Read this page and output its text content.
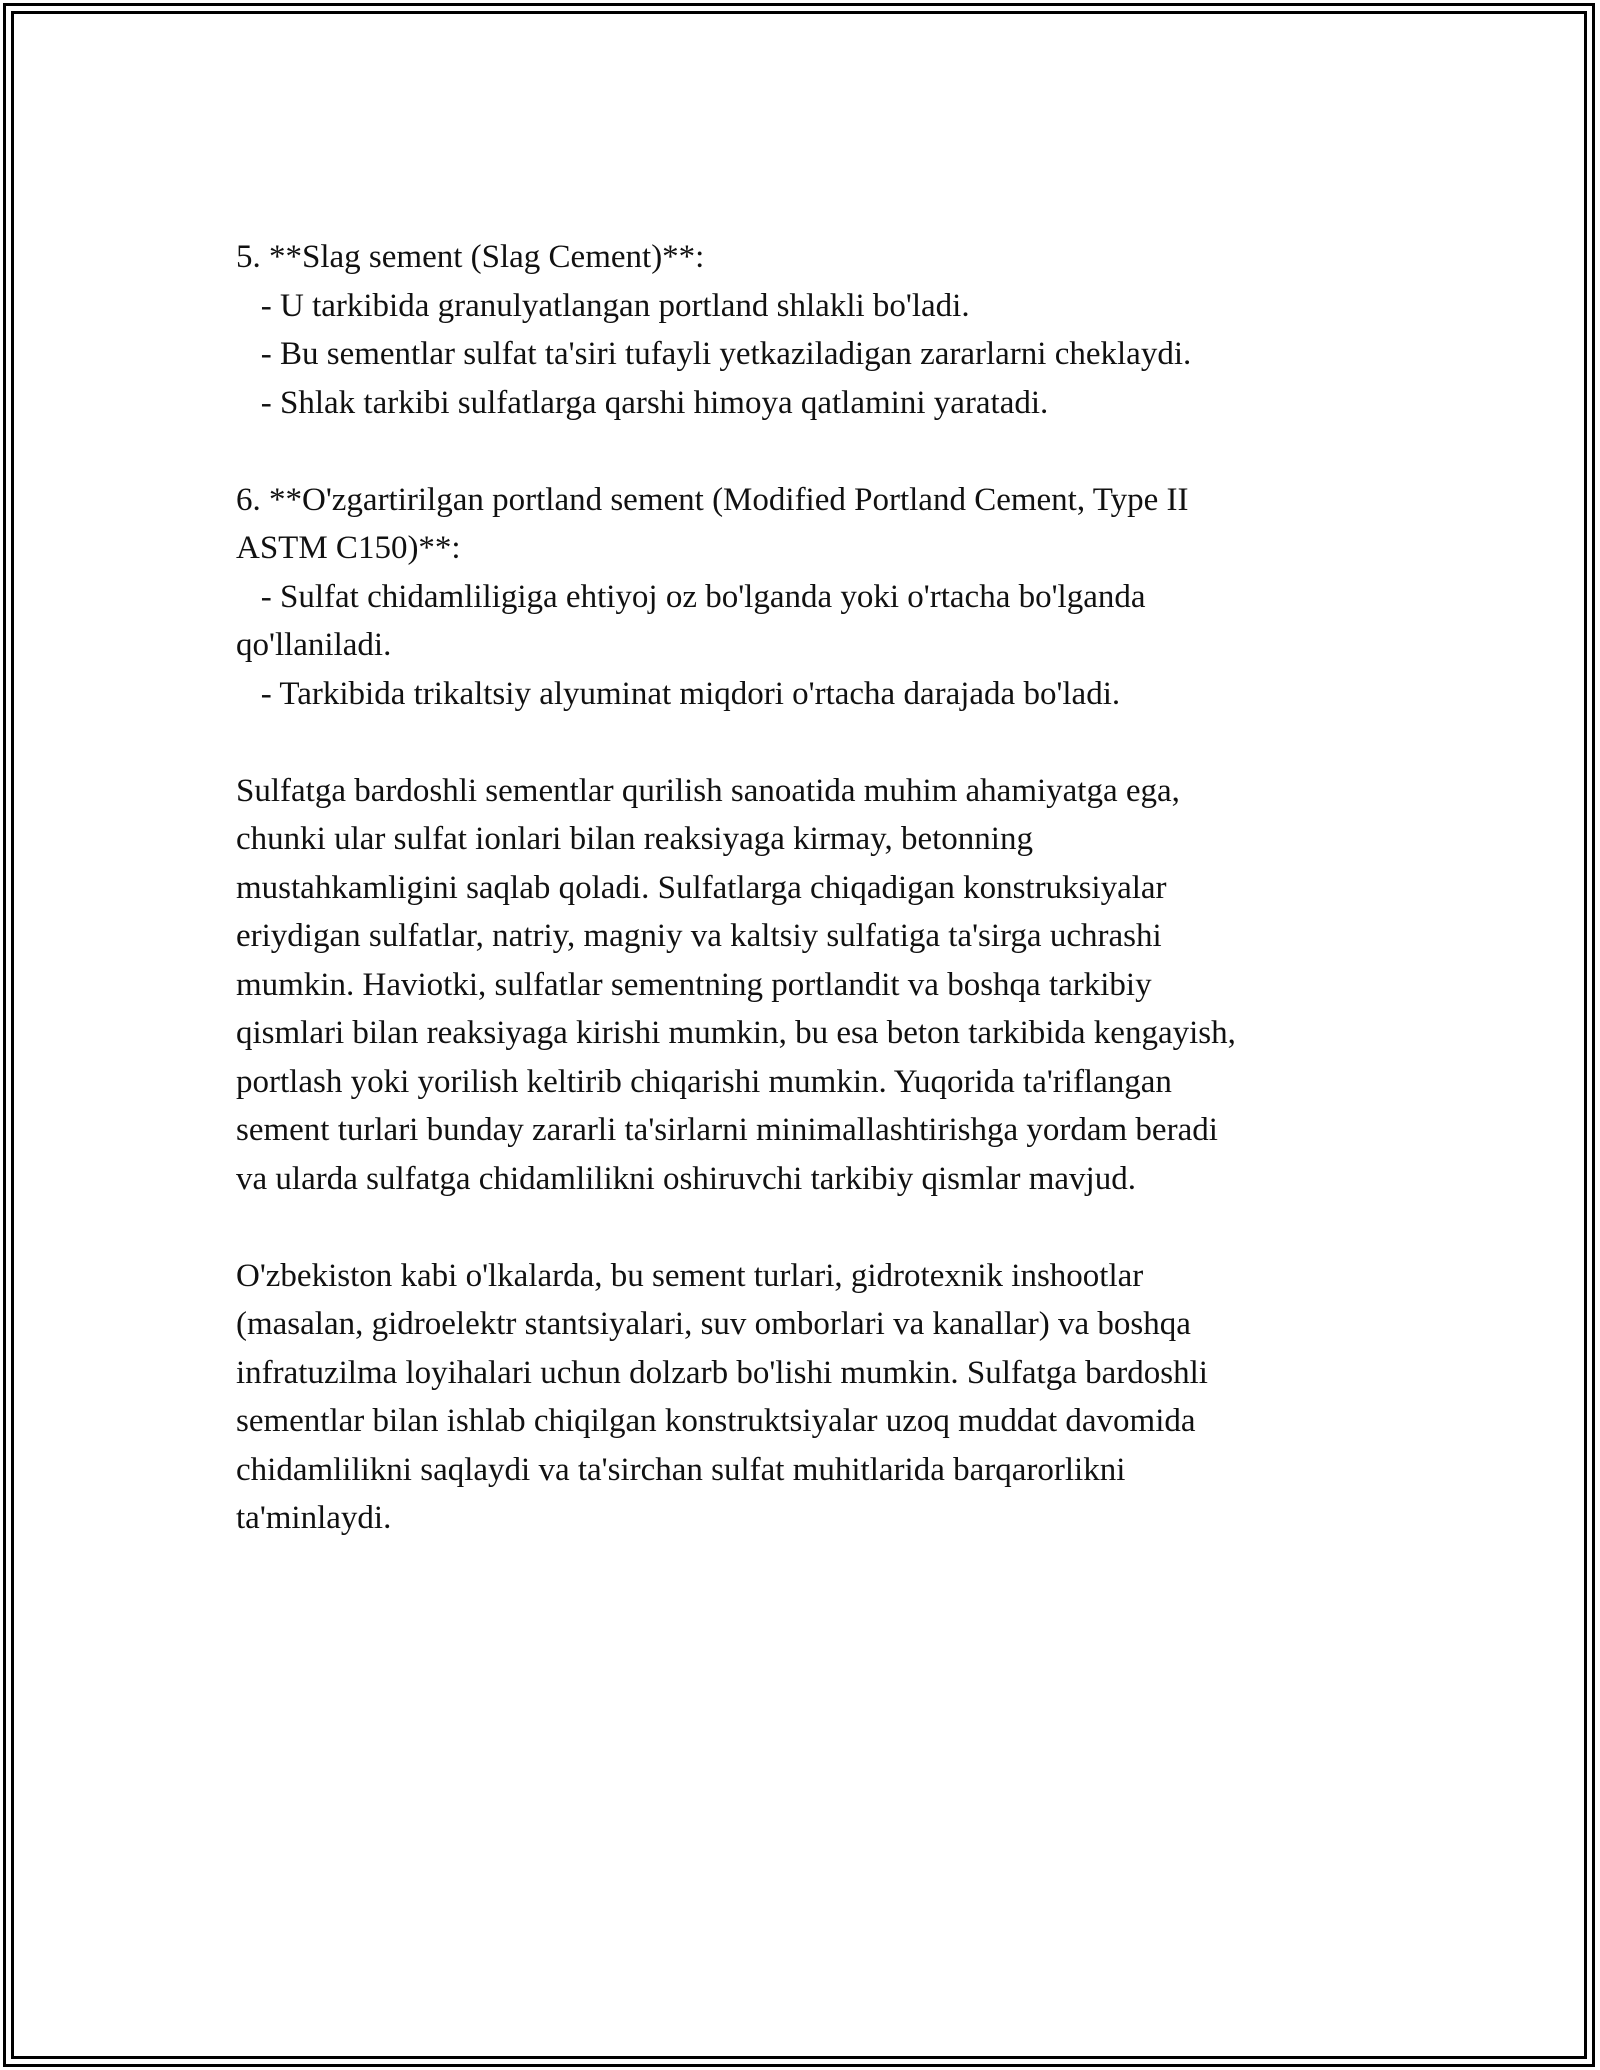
5. **Slag sement (Slag Cement)**:
- U tarkibida granulyatlangan portland shlakli bo'ladi.
- Bu sementlar sulfat ta'siri tufayli yetkaziladigan zararlarni cheklaydi.
- Shlak tarkibi sulfatlarga qarshi himoya qatlamini yaratadi.
6. **O'zgartirilgan portland sement (Modified Portland Cement, Type II
ASTM C150)**:
- Sulfat chidamliligiga ehtiyoj oz bo'lganda yoki o'rtacha bo'lganda
qo'llaniladi.
- Tarkibida trikaltsiy alyuminat miqdori o'rtacha darajada bo'ladi.
Sulfatga bardoshli sementlar qurilish sanoatida muhim ahamiyatga ega,
chunki ular sulfat ionlari bilan reaksiyaga kirmay, betonning
mustahkamligini saqlab qoladi. Sulfatlarga chiqadigan konstruksiyalar
eriydigan sulfatlar, natriy, magniy va kaltsiy sulfatiga ta'sirga uchrashi
mumkin. Haviotki, sulfatlar sementning portlandit va boshqa tarkibiy
qismlari bilan reaksiyaga kirishi mumkin, bu esa beton tarkibida kengayish,
portlash yoki yorilish keltirib chiqarishi mumkin. Yuqorida ta'riflangan
sement turlari bunday zararli ta'sirlarni minimallashtirishga yordam beradi
va ularda sulfatga chidamlilikni oshiruvchi tarkibiy qismlar mavjud.
O'zbekiston kabi o'lkalarda, bu sement turlari, gidrotexnik inshootlar
(masalan, gidroelektr stantsiyalari, suv omborlari va kanallar) va boshqa
infratuzilma loyihalari uchun dolzarb bo'lishi mumkin. Sulfatga bardoshli
sementlar bilan ishlab chiqilgan konstruktsiyalar uzoq muddat davomida
chidamlilikni saqlaydi va ta'sirchan sulfat muhitlarida barqarorlikni
ta'minlaydi.
